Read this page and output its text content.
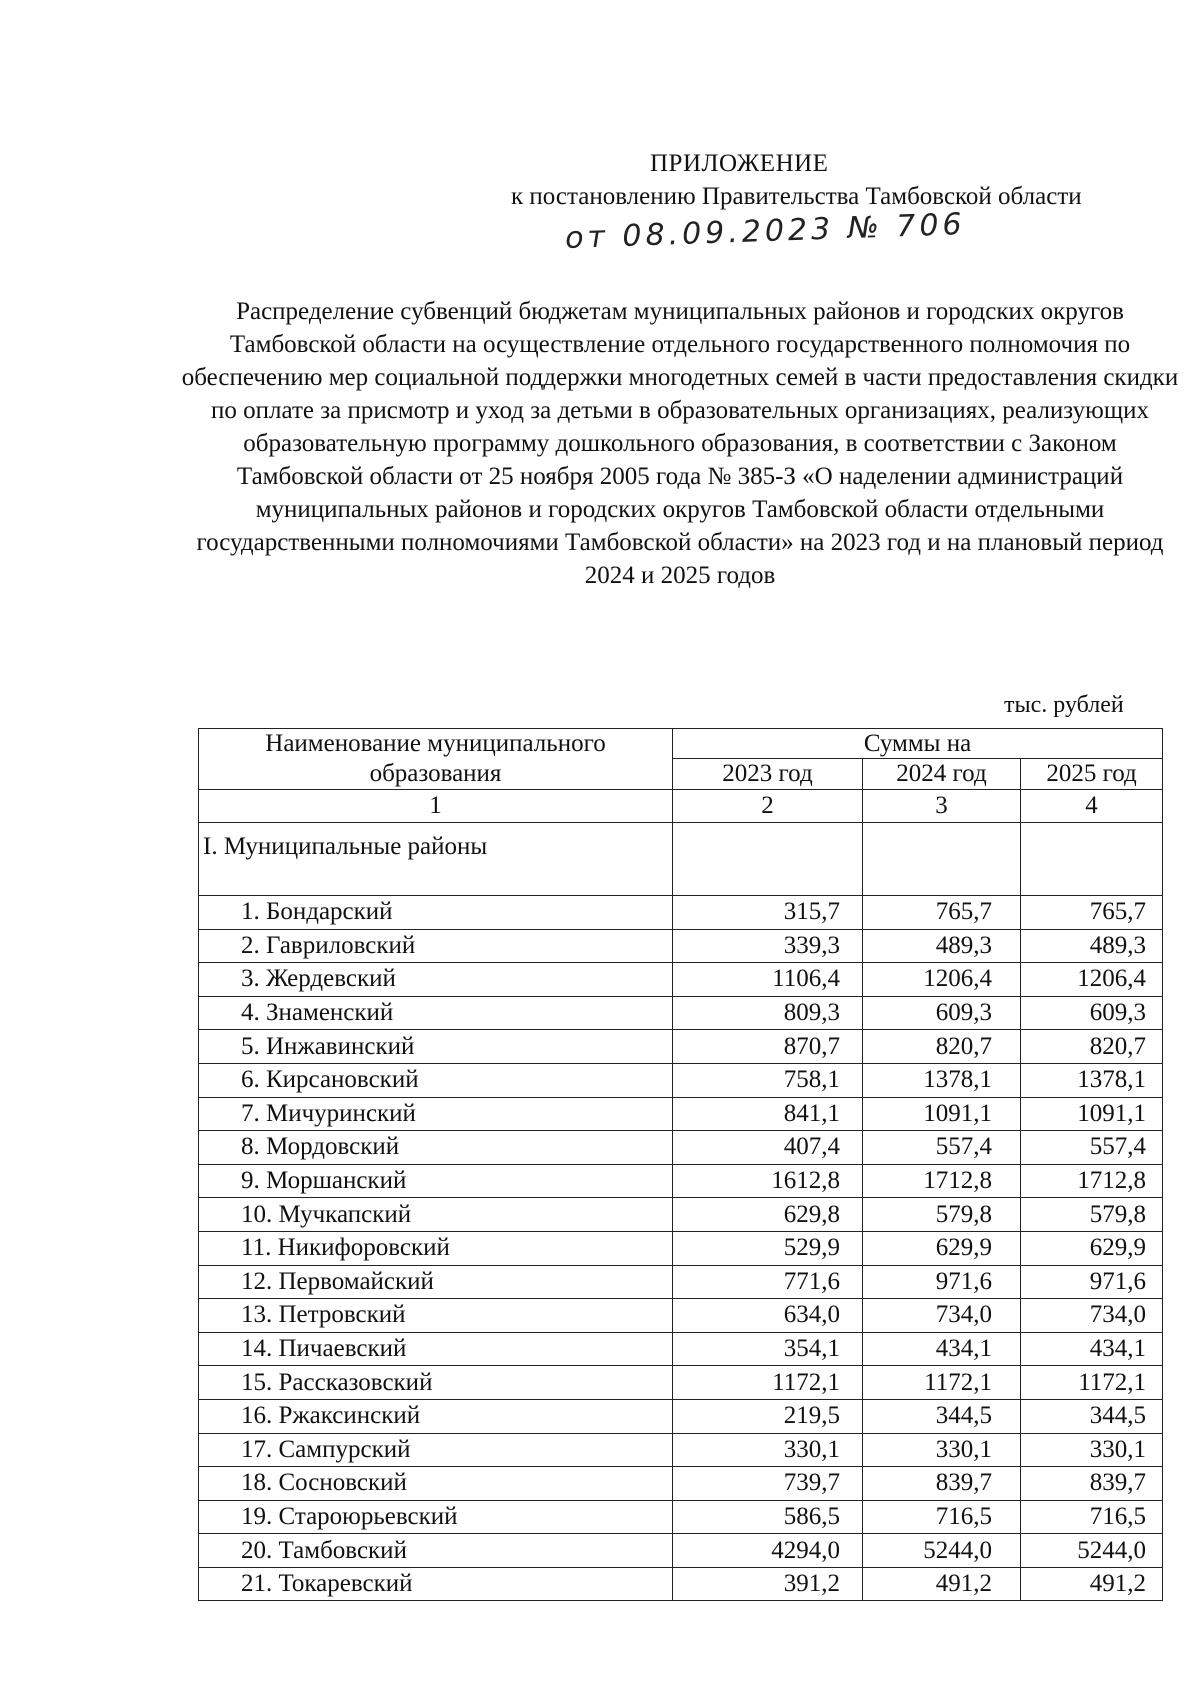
ПРИЛОЖЕНИЕ
к постановлению Правительства Тамбовской области
от 08.09.2023 № 706
Распределение субвенций бюджетам муниципальных районов и городских округов Тамбовской области на осуществление отдельного государственного полномочия по обеспечению мер социальной поддержки многодетных семей в части предоставления скидки по оплате за присмотр и уход за детьми в образовательных организациях, реализующих образовательную программу дошкольного образования, в соответствии с Законом Тамбовской области от 25 ноября 2005 года № 385-З «О наделении администраций муниципальных районов и городских округов Тамбовской области отдельными государственными полномочиями Тамбовской области» на 2023 год и на плановый период 2024 и 2025 годов
тыс. рублей
Наименование муниципального образования	Суммы на		
	2023 год	2024 год	2025 год
1	2	3	4
I. Муниципальные районы			
1. Бондарский	315,7	765,7	765,7
2. Гавриловский	339,3	489,3	489,3
3. Жердевский	1106,4	1206,4	1206,4
4. Знаменский	809,3	609,3	609,3
5. Инжавинский	870,7	820,7	820,7
6. Кирсановский	758,1	1378,1	1378,1
7. Мичуринский	841,1	1091,1	1091,1
8. Мордовский	407,4	557,4	557,4
9. Моршанский	1612,8	1712,8	1712,8
10. Мучкапский	629,8	579,8	579,8
11. Никифоровский	529,9	629,9	629,9
12. Первомайский	771,6	971,6	971,6
13. Петровский	634,0	734,0	734,0
14. Пичаевский	354,1	434,1	434,1
15. Рассказовский	1172,1	1172,1	1172,1
16. Ржаксинский	219,5	344,5	344,5
17. Сампурский	330,1	330,1	330,1
18. Сосновский	739,7	839,7	839,7
19. Староюрьевский	586,5	716,5	716,5
20. Тамбовский	4294,0	5244,0	5244,0
21. Токаревский	391,2	491,2	491,2
